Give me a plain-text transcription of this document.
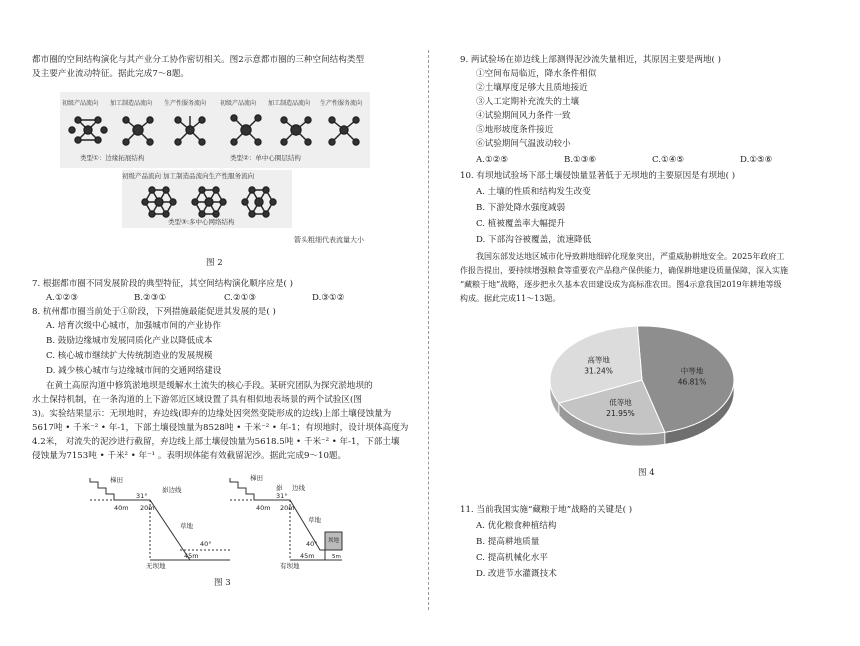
都市圈的空间结构演化与其产业分工协作密切相关。图2示意都市圈的三种空间结构类型
及主要产业流动特征。据此完成7～8题。
初级产品流向 加工制造品流向 生产性服务流向 初级产品流向 加工制造品流向 生产性服务流向
类型①：边缘拓展结构	类型②：单中心圈层结构
初级产品流向 加工制造品流向生产性服务流向
类型③:多中心网络结构
箭头粗细代表流量大小
图 2
7. 根据都市圈不同发展阶段的典型特征，其空间结构演化顺序应是( )
A.①②③	B.②③①	C.②①③	D.③①②
8. 杭州都市圈当前处于①阶段，下列措施最能促进其发展的是( )
A. 培育次级中心城市，加强城市间的产业协作
B. 鼓励边缘城市发展同质化产业以降低成本
C. 核心城市继续扩大传统制造业的发展规模
D. 减少核心城市与边缘城市间的交通网络建设
在黄土高原沟道中修筑淤地坝是缓解水土流失的核心手段。某研究团队为探究淤地坝的
水土保持机制，在一条沟道的上下游邻近区域设置了具有相似地表场景的两个试验区(图
3)。实验结果显示：无坝地时，弃边线(即弃的边缘处因突然变陡形成的边线)上部土壤侵蚀量为
5617吨 • 千米⁻² • 年-1，下部土壤侵蚀量为8528吨 • 千米⁻² • 年-1；有坝地时，设计坝体高度为
4.2米， 对流失的泥沙进行截留，弃边线上部土壤侵蚀量为5618.5吨 • 千米⁻² • 年-1，下部土壤
侵蚀量为7153吨 • 千米² • 年⁻¹ 。表明坝体能有效截留泥沙。据此完成9～10题。
梯田
峁边线
31°
40m 20m
草地
40°
45m
无坝地
梯田
峁 边线
31°
40m 20m
草地
坝地
40°
45m	5m
有坝地
图 3
9. 两试验场在峁边线上部测得泥沙流失量相近，其原因主要是两地( )
①空间布局临近，降水条件相似
②土壤厚度足够大且质地接近
③人工定期补充流失的土壤
④试验期间风力条件一致
⑤地形坡度条件接近
⑥试验期间气温波动较小
A.①②⑤	B.①③⑥	C.①④⑤	D.①⑤⑥
10. 有坝地试验场下部土壤侵蚀量显著低于无坝地的主要原因是有坝地( )
A. 土壤的性质和结构发生改变
B. 下游处降水强度减弱
C. 植被覆盖率大幅提升
D. 下部沟谷被覆盖，流速降低
我国东部发达地区城市化导致耕地细碎化现象突出，严重威胁耕地安全。2025年政府工
作报告提出，要持续增强粮食等重要农产品稳产保供能力，确保耕地建设质量保障，深入实施
“藏粮于地”战略，逐步把永久基本农田建设成为高标准农田。图4示意我国2019年耕地等级
构成。据此完成11～13题。
中等地
46.81%
低等地
21.95%
高等地
31.24%
图 4
11. 当前我国实施“藏粮于地”战略的关键是( )
A. 优化粮食种植结构
B. 提高耕地质量
C. 提高机械化水平
D. 改进节水灌溉技术
